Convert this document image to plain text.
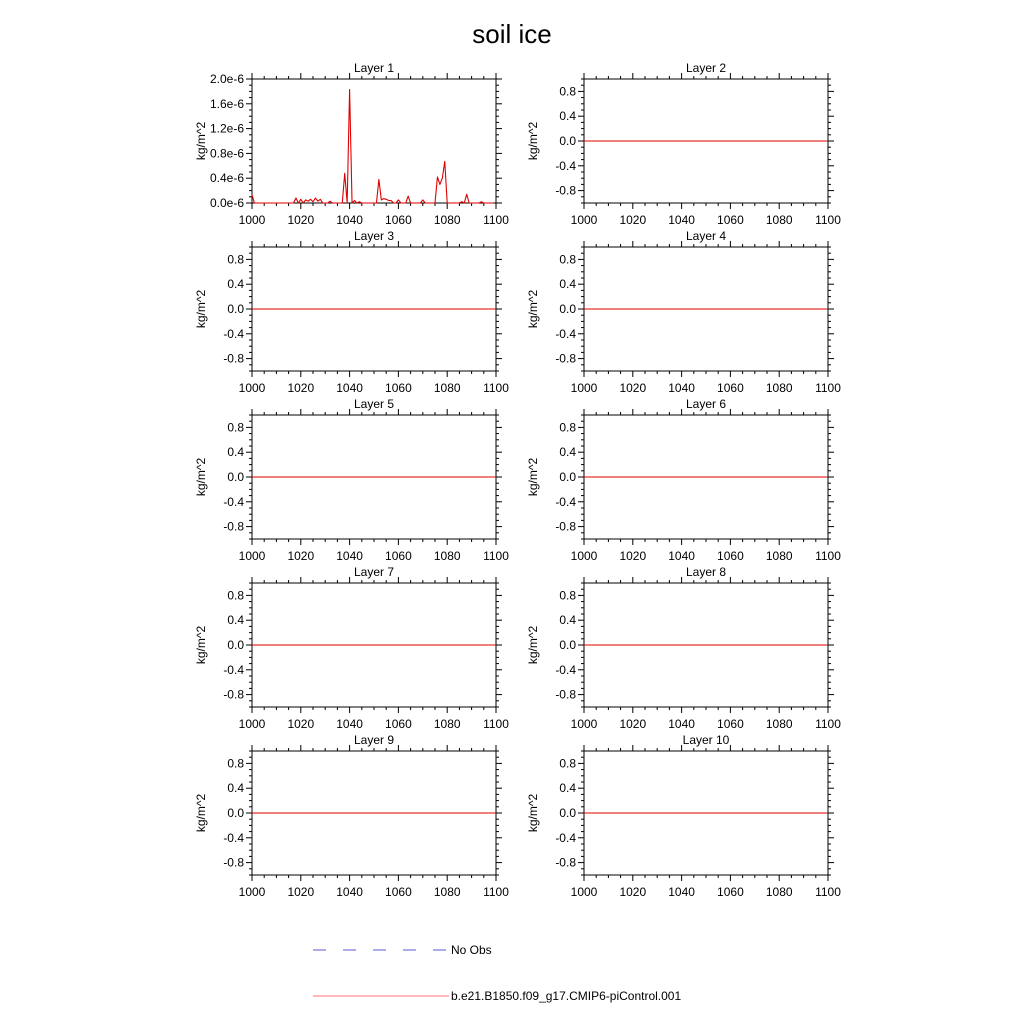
soil ice
Layer 1
1000 1020 1040 1060 1080 1100
0.0e-6
0.4e-6
0.8e-6
1.2e-6
1.6e-6
2.0e-6
kg/m^2
Layer 2
1000 1020 1040 1060 1080 1100
-0.8
-0.4
0.0
0.4
0.8
kg/m^2
Layer 3
1000 1020 1040 1060 1080 1100
-0.8
-0.4
0.0
0.4
0.8
kg/m^2
Layer 4
1000 1020 1040 1060 1080 1100
-0.8
-0.4
0.0
0.4
0.8
kg/m^2
Layer 5
1000 1020 1040 1060 1080 1100
-0.8
-0.4
0.0
0.4
0.8
kg/m^2
Layer 6
1000 1020 1040 1060 1080 1100
-0.8
-0.4
0.0
0.4
0.8
kg/m^2
Layer 7
1000 1020 1040 1060 1080 1100
-0.8
-0.4
0.0
0.4
0.8
kg/m^2
Layer 8
1000 1020 1040 1060 1080 1100
-0.8
-0.4
0.0
0.4
0.8
kg/m^2
Layer 9
1000 1020 1040 1060 1080 1100
-0.8
-0.4
0.0
0.4
0.8
kg/m^2
Layer 10
1000 1020 1040 1060 1080 1100
-0.8
-0.4
0.0
0.4
0.8
kg/m^2
No Obs
b.e21.B1850.f09_g17.CMIP6-piControl.001
